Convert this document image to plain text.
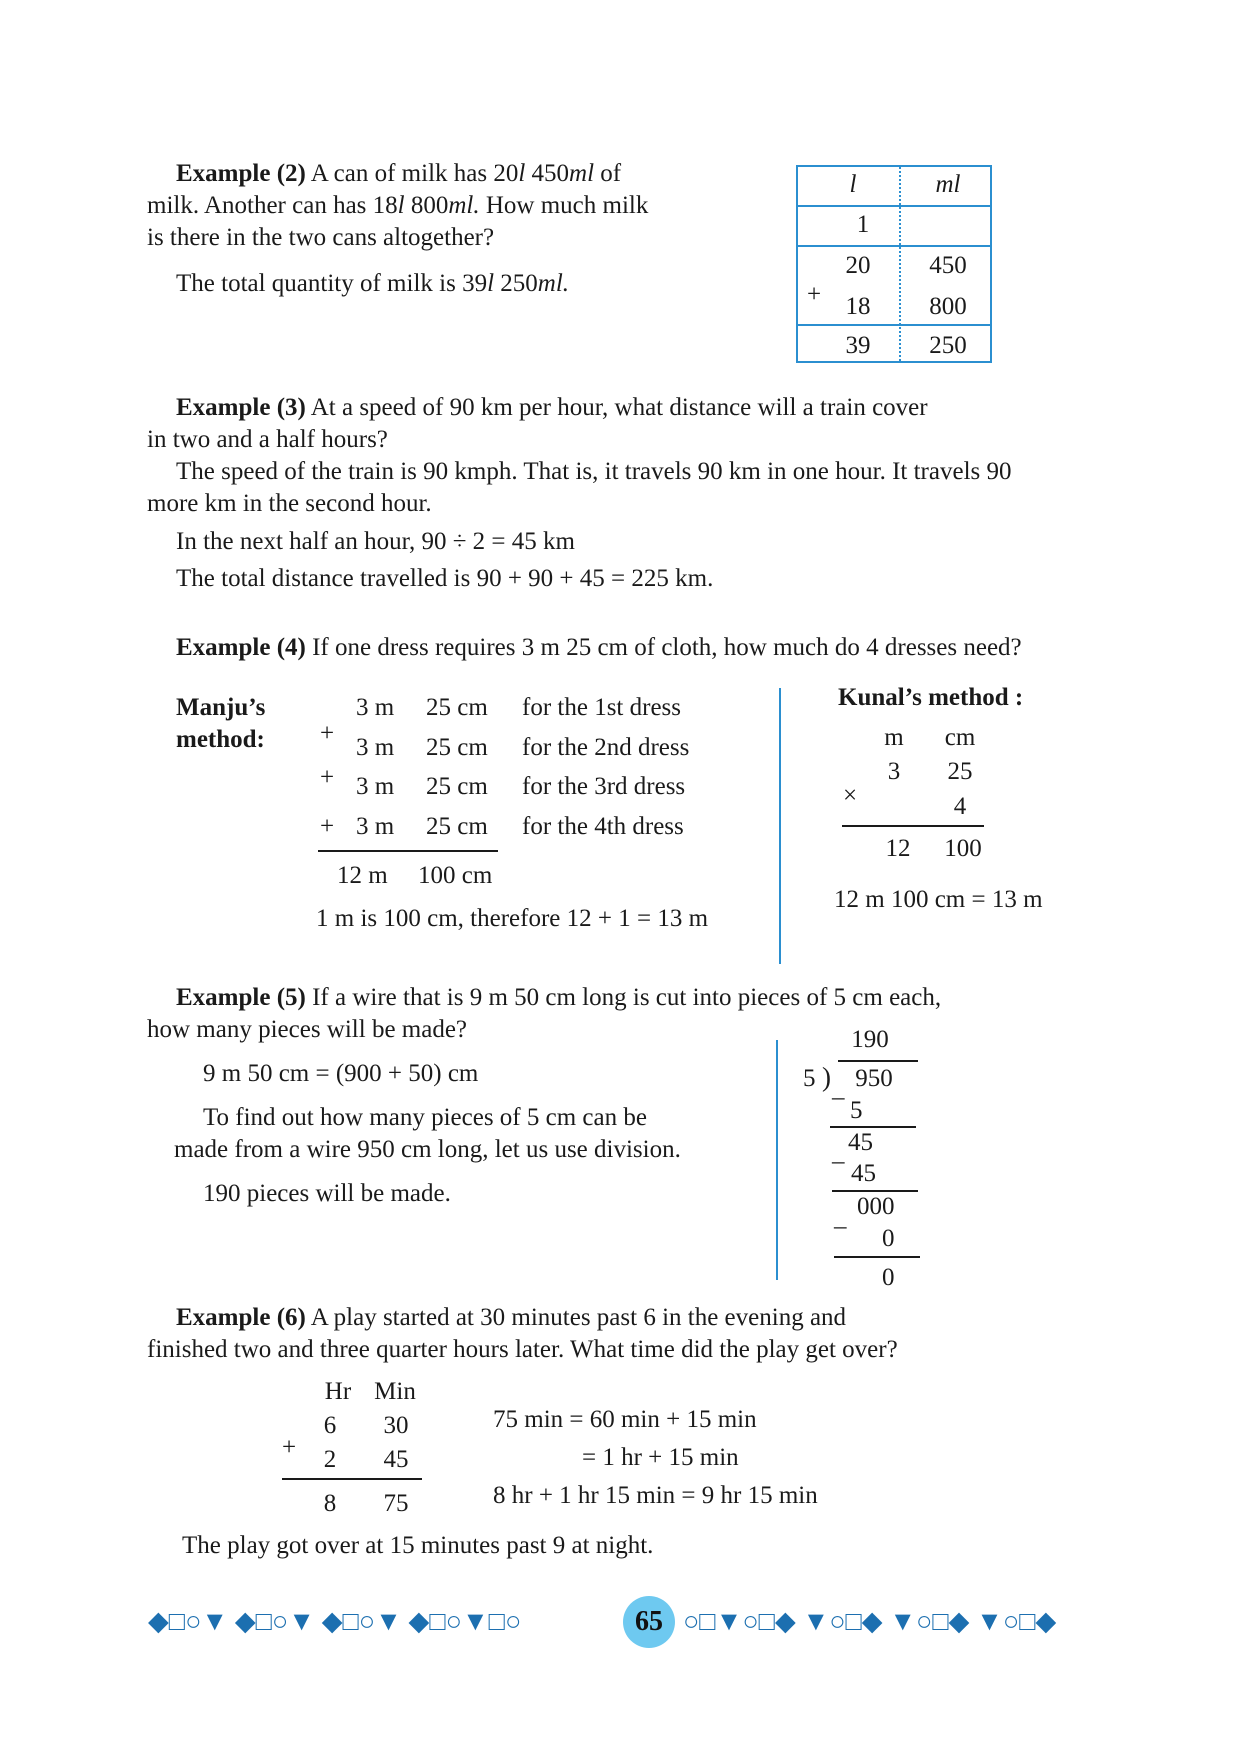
Example (2) A can of milk has 20l 450ml of
milk. Another can has 18l 800ml. How much milk
is there in the two cans altogether?
The total quantity of milk is 39l 250ml.
l	ml
1
20	450
+ 18	800
39	250
Example (3) At a speed of 90 km per hour, what distance will a train cover
in two and a half hours?
The speed of the train is 90 kmph. That is, it travels 90 km in one hour. It travels 90
more km in the second hour.
In the next half an hour, 90 ÷ 2 = 45 km
The total distance travelled is 90 + 90 + 45 = 225 km.
Example (4) If one dress requires 3 m 25 cm of cloth, how much do 4 dresses need?
Manju’s
method:
3 m 25 cm for the 1st dress
+
3 m 25 cm for the 2nd dress
+ 3 m 25 cm for the 3rd dress
+ 3 m 25 cm for the 4th dress
12 m 100 cm
1 m is 100 cm, therefore 12 + 1 = 13 m
Kunal’s method :
m	cm
3	25
×	4
12	100
12 m 100 cm = 13 m
Example (5) If a wire that is 9 m 50 cm long is cut into pieces of 5 cm each,
how many pieces will be made?
9 m 50 cm = (900 + 50) cm
To find out how many pieces of 5 cm can be
made from a wire 950 cm long, let us use division.
190 pieces will be made.
190
5 ) 950
– 5
45
– 45
000
– 0
0
Example (6) A play started at 30 minutes past 6 in the evening and
finished two and three quarter hours later. What time did the play get over?
Hr Min
6	30
+ 2	45
8	75
75 min = 60 min + 15 min
= 1 hr + 15 min
8 hr + 1 hr 15 min = 9 hr 15 min
The play got over at 15 minutes past 9 at night.
◆□○▼ ◆□○▼ ◆□○▼ ◆□○▼□○	65 ○□▼○□◆ ▼○□◆ ▼○□◆ ▼○□◆
